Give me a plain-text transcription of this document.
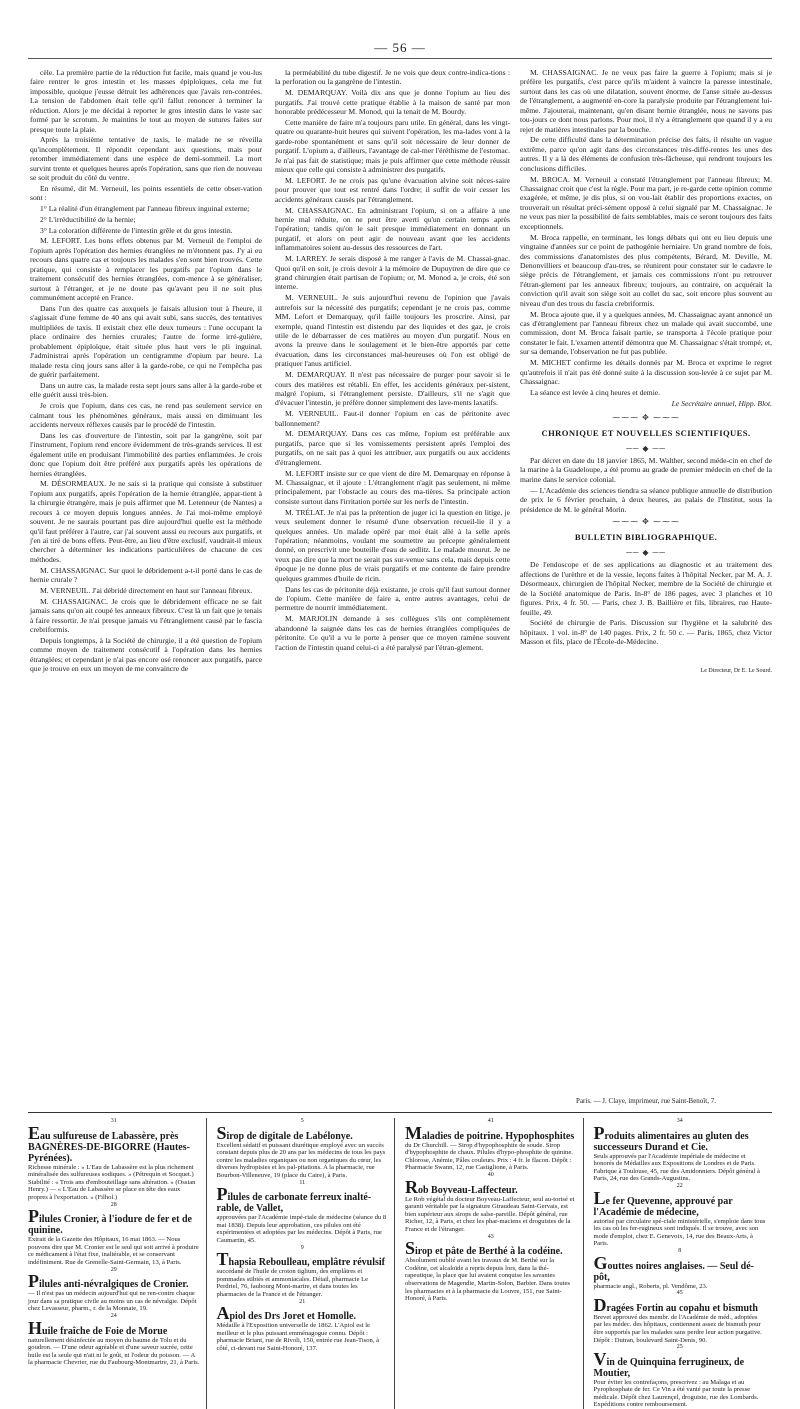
— 56 —

cèle. La première partie de la réduction fut facile, mais quand je vou-lus faire rentrer le gros intestin et les masses épiploïques, cela me fut impossible, quoique j'eusse détruit les adhérences que j'avais ren-contrées. La tension de l'abdomen était telle qu'il fallut renoncer à terminer la réduction. Alors je me décidai à reporter le gros intestin dans le vaste sac formé par le scrotum. Je maintins le tout au moyen de sutures faites sur presque toute la plaie.

Après la troisième tentative de taxis, le malade ne se réveilla qu'incomplètement. Il répondit cependant aux questions, mais pour retomber immédiatement dans une espèce de demi-sommeil. La mort survint trente et quelques heures après l'opération, sans que rien de nouveau se soit produit du côté du ventre.

En résumé, dit M. Verneuil, les points essentiels de cette obser-vation sont :

1° La réalité d'un étranglement par l'anneau fibreux inguinal externe;

2° L'irréductibilité de la hernie;

3° La coloration différente de l'intestin grêle et du gros intestin.

M. LEFORT. Les bons effets obtenus par M. Verneuil de l'emploi de l'opium après l'opération des hernies étranglées ne m'étonnent pas. J'y ai eu recours dans quatre cas et toujours les malades s'en sont bien trouvés. Cette pratique, qui consiste à remplacer les purgatifs par l'opium dans le traitement consécutif des hernies étranglées, com-mence à se généraliser, surtout à l'étranger, et je ne doute pas qu'avant peu il ne soit plus communément accepté en France.

Dans l'un des quatre cas auxquels je faisais allusion tout à l'heure, il s'agissait d'une femme de 40 ans qui avait subi, sans succès, des tentatives multipliées de taxis. Il existait chez elle deux tumeurs : l'une occupant la place ordinaire des hernies crurales; l'autre de forme irré-gulière, probablement épiploïque, était située plus haut vers le pli inguinal. J'administrai après l'opération un centigramme d'opium par heure. La malade resta cinq jours sans aller à la garde-robe, ce qui ne l'empêcha pas de guérir parfaitement.

Dans un autre cas, la malade resta sept jours sans aller à la garde-robe et elle guérit aussi très-bien.

Je crois que l'opium, dans ces cas, ne rend pas seulement service en calmant tous les phénomènes généraux, mais aussi en diminuant les accidents nerveux réflexes causés par le procédé de l'intestin.

Dans les cas d'ouverture de l'intestin, soit par la gangrène, soit par l'instrument, l'opium rend encore évidemment de très-grands services. Il est également utile en produisant l'immobilité des parties enflammées. Je crois donc que l'opium doit être préféré aux purgatifs après les opérations de hernies étranglées.

M. DÉSORMEAUX. Je ne sais si la pratique qui consiste à substituer l'opium aux purgatifs, après l'opération de la hernie étranglée, appar-tient à la chirurgie étrangère, mais je puis affirmer que M. Letenneur (de Nantes) a recours à ce moyen depuis longues années. Je l'ai moi-même employé souvent. Je ne saurais pourtant pas dire aujourd'hui quelle est la méthode qu'il faut préférer à l'autre, car j'ai souvent aussi eu recours aux purgatifs, et j'en ai tiré de bons effets. Peut-être, au lieu d'être exclusif, vaudrait-il mieux chercher à déterminer les indications particulières de chacune de ces méthodes.

M. CHASSAIGNAC. Sur quoi le débridement a-t-il porté dans le cas de hernie crurale ?

M. VERNEUIL. J'ai débridé directement en haut sur l'anneau fibreux.

M. CHASSAIGNAC. Je crois que le débridement efficace ne se fait jamais sans qu'on ait coupé les anneaux fibreux. C'est là un fait que je tenais à faire ressortir. Je n'ai presque jamais vu l'étranglement causé par le fascia crebriformis.

Depuis longtemps, à la Société de chirurgie, il a été question de l'opium comme moyen de traitement consécutif à l'opération dans les hernies étranglées; et cependant je n'ai pas encore osé renoncer aux purgatifs, parce que je trouve en eux un moyen de me convaincre de

la perméabilité du tube digestif. Je ne vois que deux contre-indica-tions : la perforation ou la gangrène de l'intestin.

M. DEMARQUAY. Voilà dix ans que je donne l'opium au lieu des purgatifs. J'ai trouvé cette pratique établie à la maison de santé par mon honorable prédécesseur M. Monod, qui la tenait de M. Bourdy.

Cette manière de faire m'a toujours paru utile. En général, dans les vingt-quatre ou quarante-huit heures qui suivent l'opération, les ma-lades vont à la garde-robe spontanément et sans qu'il soit nécessaire de leur donner de purgatif. L'opium a, d'ailleurs, l'avantage de cal-mer l'éréthisme de l'estomac. Je n'ai pas fait de statistique; mais je puis affirmer que cette méthode réussit mieux que celle qui consiste à administrer des purgatifs.

M. LEFORT. Je ne crois pas qu'une évacuation alvine soit néces-saire pour prouver que tout est rentré dans l'ordre; il suffit de voir cesser les accidents généraux causés par l'étranglement.

M. CHASSAIGNAC. En administrant l'opium, si on a affaire à une hernie mal réduite, on ne peut être averti qu'un certain temps après l'opération; tandis qu'on le sait presque immédiatement en donnant un purgatif, et alors on peut agir de nouveau avant que les accidents inflammatoires soient au-dessus des ressources de l'art.

M. LARREY. Je serais disposé à me ranger à l'avis de M. Chassai-gnac. Quoi qu'il en soit, je crois devoir à la mémoire de Dupuytren de dire que ce grand chirurgien était partisan de l'opium; or, M. Monod a, je crois, été son interne.

M. VERNEUIL. Je suis aujourd'hui revenu de l'opinion que j'avais autrefois sur la nécessité des purgatifs; cependant je ne crois pas, comme MM. Lefort et Demarquay, qu'il faille toujours les proscrire. Ainsi, par exemple, quand l'intestin est distendu par des liquides et des gaz, je crois utile de le débarrasser de ces matières au moyen d'un purgatif. Nous en avons la preuve dans le soulagement et le bien-être apportés par cette évacuation, dans les circonstances mal-heureuses où l'on est obligé de pratiquer l'anus artificiel.

M. DEMARQUAY. Il n'est pas nécessaire de purger pour savoir si le cours des matières est rétabli. En effet, les accidents généraux per-sistent, malgré l'opium, si l'étranglement persiste. D'ailleurs, s'il ne s'agit que d'évacuer l'intestin, je préfère donner simplement des lave-ments laxatifs.

M. VERNEUIL. Faut-il donner l'opium en cas de péritonite avec ballonnement?

M. DEMARQUAY. Dans ces cas même, l'opium est préférable aux purgatifs, parce que si les vomissements persistent après l'emploi des purgatifs, on ne sait pas à quoi les attribuer, aux purgatifs ou aux accidents d'étranglement.

M. LEFORT insiste sur ce que vient de dire M. Demarquay en réponse à M. Chassaignac, et il ajoute : L'étranglement n'agit pas seulement, ni même principalement, par l'obstacle au cours des ma-tières. Sa principale action consiste surtout dans l'irritation portée sur les nerfs de l'intestin.

M. TRÉLAT. Je n'ai pas la prétention de juger ici la question en litige, je veux seulement donner le résumé d'une observation recueil-lie il y a quelques années. Un malade opéré par moi était allé à la selle après l'opération; néanmoins, voulant me soumettre au précepte généralement donné, on prescrivit une bouteille d'eau de sedlitz. Le malade mourut. Je ne veux pas dire que la mort ne serait pas sur-venue sans cela, mais depuis cette époque je ne donne plus de vrais purgatifs et me contente de faire prendre quelques grammes d'huile de ricin.

Dans les cas de péritonite déjà existante, je crois qu'il faut surtout donner de l'opium. Cette manière de faire a, entre autres avantages, celui de permettre de nourrir immédiatement.

M. MARJOLIN demande à ses collègues s'ils ont complètement abandonné la saignée dans les cas de hernies étranglées compliquées de péritonite. Ce qu'il a vu le porte à penser que ce moyen ramène souvent l'action de l'intestin quand celui-ci a été paralysé par l'étran-glement.

M. CHASSAIGNAC. Je ne veux pas faire la guerre à l'opium; mais si je préfère les purgatifs, c'est parce qu'ils m'aident à vaincre la paresse intestinale, surtout dans les cas où une dilatation, souvent énorme, de l'anse située au-dessus de l'étranglement, a augmenté en-core la paralysie produite par l'étranglement lui-même. J'ajouterai, maintenant, qu'en disant hernie étranglée, nous ne savons pas tou-jours ce dont nous parlons. Pour moi, il n'y a étranglement que quand il y a eu rejet de matières intestinales par la bouche.

De cette difficulté dans la détermination précise des faits, il résulte un vague extrême, parce qu'on agit dans des circonstances très-diffé-rentes les unes des autres. Il y a là des éléments de confusion très-fâcheuse, qui rendront toujours les conclusions difficiles.

M. BROCA. M. Verneuil a constaté l'étranglement par l'anneau fibreux; M. Chassaignac croit que c'est la règle. Pour ma part, je re-garde cette opinion comme exagérée, et même, je dis plus, si on vou-lait établir des proportions exactes, on trouverait un résultat préci-sément opposé à celui signalé par M. Chassaignac. Je ne veux pas nier la possibilité de faits semblables, mais ce seront toujours des faits exceptionnels.

M. Broca rappelle, en terminant, les longs débats qui ont eu lieu depuis une vingtaine d'années sur ce point de pathogénie herniaire. Un grand nombre de fois, des commissions d'anatomistes des plus compétents, Bérard, M. Deville, M. Denonvilliers et beaucoup d'au-tres, se réunirent pour constater sur le cadavre le siège précis de l'étranglement, et jamais ces commissions n'ont pu retrouver l'étran-glement par les anneaux fibreux; toujours, au contraire, on acquérait la conviction qu'il avait son siège soit au collet du sac, soit encore plus souvent au niveau d'un des trous du fascia crebriformis.

M. Broca ajoute que, il y a quelques années, M. Chassaignac ayant annoncé un cas d'étranglement par l'anneau fibreux chez un malade qui avait succombé, une commission, dont M. Broca faisait partie, se transporta à l'école pratique pour constater le fait. L'examen attentif démontra que M. Chassaignac s'était trompé, et, sur sa demande, l'observation ne fut pas publiée.

M. MICHET confirme les détails donnés par M. Broca et exprime le regret qu'autrefois il n'ait pas été donné suite à la discussion sou-levée à ce sujet par M. Chassaignac.

La séance est levée à cinq heures et demie.

Le Secrétaire annuel, Hipp. Blot.
⁓⁓⁓ ✥ ⁓⁓⁓
CHRONIQUE ET NOUVELLES SCIENTIFIQUES.
── ◆ ──

Par décret en date du 18 janvier 1865, M. Walther, second méde-cin en chef de la marine à la Guadeloupe, a été promu au grade de premier médecin en chef de la marine dans le service colonial.

— L'Académie des sciences tiendra sa séance publique annuelle de distribution de prix le 6 février prochain, à deux heures, au palais de l'Institut, sous la présidence de M. le général Morin.

⁓⁓⁓ ✥ ⁓⁓⁓
BULLETIN BIBLIOGRAPHIQUE.
── ◆ ──

De l'endoscope et de ses applications au diagnostic et au traitement des affections de l'urèthre et de la vessie, leçons faites à l'hôpital Necker, par M. A. J. Désormeaux, chirurgien de l'hôpital Necker, membre de la Société de chirurgie et de la Société anatomique de Paris. In-8° de 186 pages, avec 3 planches et 10 figures. Prix, 4 fr. 50. — Paris, chez J. B. Baillière et fils, libraires, rue Haute-feuille, 49.

Société de chirurgie de Paris. Discussion sur l'hygiène et la salubrité des hôpitaux. 1 vol. in-8° de 140 pages. Prix, 2 fr. 50 c. — Paris, 1865, chez Victor Masson et fils, place de l'École-de-Médecine.

Le Directeur, Dr E. Le Sourd.
Paris. — J. Claye, imprimeur, rue Saint-Benoît, 7.
31
Eau sulfureuse de Labassère, près BAGNÈRES-DE-BIGORRE (Hautes-Pyrénées).
Richesse minérale : « L'Eau de Labassère est la plus richement minéralisée des sulfureuses sodiques. » (Pétrequin et Socquet.) Stabilité : « Trois ans d'embouteillage sans altération. » (Ossian Henry.) — « L'Eau de Labassère se place en tête des eaux propres à l'exportation. » (Filhol.)
28
Pilules Cronier, à l'iodure de fer et de quinine.
Extrait de la Gazette des Hôpitaux, 16 mai 1863. — Nous pouvons dire que M. Cronier est le seul qui soit arrivé à produire ce médicament à l'état fixe, inaltérable, et se conservant indéfiniment. Rue de Grenelle-Saint-Germain, 13, à Paris.
29
Pilules anti-névralgiques de Cronier.
— Il n'est pas un médecin aujourd'hui qui ne ren-contre chaque jour dans sa pratique civile au moins un cas de névralgie. Dépôt chez Levasseur, pharm., r. de la Monnaie, 19.
24
Huile fraîche de Foie de Morue
naturellement désinfectée au moyen du baume de Tolu et du goudron. — D'une odeur agréable et d'une saveur sucrée, cette huile est la seule qui n'ait ni le goût, ni l'odeur du poisson. — A la pharmacie Chevrier, rue du Faubourg-Montmartre, 21, à Paris.
5
Sirop de digitale de Labélonye.
Excellent sédatif et puissant diurétique employé avec un succès constant depuis plus de 20 ans par les médecins de tous les pays contre les maladies organiques ou non organiques du cœur, les diverses hydropisies et les pal-pitations. A la pharmacie, rue Bourbon-Villeneuve, 19 (place du Caire), à Paris.
11
Pilules de carbonate ferreux inalté-rable, de Vallet,
approuvées par l'Académie impé-riale de médecine (séance du 8 mai 1838). Depuis leur approbation, ces pilules ont été expérimentées et adoptées par les médecins. Dépôt à Paris, rue Caumartin, 45.
9
Thapsia Reboulleau, emplâtre révulsif
succédané de l'huile de croton tiglium, des emplâtres et pommades stibiés et ammoniacales. Détail, pharmacie Le Perdriel, 76, faubourg Mont-martre, et dans toutes les pharmacies de la France et de l'étranger.
21
Apiol des Drs Joret et Homolle.
Médaille à l'Exposition universelle de 1862. L'Apiol est le meilleur et le plus puissant emménagogue connu. Dépôt : pharmacie Briant, rue de Rivoli, 150, entrée rue Jean-Tison, à côté, ci-devant rue Saint-Honoré, 137.
41
Maladies de poitrine. Hypophosphites
du Dr Churchill. — Sirop d'hypophosphite de soude. Sirop d'hypophosphite de chaux. Pilules d'hypo-phosphite de quinine. Chlorose, Anémie, Pâles couleurs. Prix : 4 fr. le flacon. Dépôt : Pharmacie Swann, 12, rue Castiglione, à Paris.
40
Rob Boyveau-Laffecteur.
Le Rob végétal du docteur Boyveau-Laffecteur, seul au-torisé et garanti véritable par la signature Giraudeau Saint-Gervais, est bien supérieur aux sirops de salse-pareille. Dépôt général, rue Richer, 12, à Paris, et chez les phar-maciens et droguistes de la France et de l'étranger.
43
Sirop et pâte de Berthé à la codéine.
Absolument oublié avant les travaux de M. Berthé sur la Codéine, cet alcaloïde a repris depuis lors, dans la thé-rapeutique, la place que lui avaient conquise les savantes observations de Magendie, Martin-Solon, Barbier. Dans toutes les pharmacies et à la pharmacie du Louvre, 151, rue Saint-Honoré, à Paris.
34
Produits alimentaires au gluten des successeurs Durand et Cie.
Seuls approuvés par l'Académie impériale de médecine et honorés de Médailles aux Expositions de Londres et de Paris. Fabrique à Toulouse, 45, rue des Amidonniers. Dépôt général à Paris, 24, rue des Grands-Augustins.
22
Le fer Quevenne, approuvé par l'Académie de médecine,
autorisé par circulaire spé-ciale ministérielle, s'emploie dans tous les cas où les fer-rugineux sont indiqués. Il se trouve, avec son mode d'emploi, chez E. Genevoix, 14, rue des Beaux-Arts, à Paris.
8
Gouttes noires anglaises. — Seul dé-pôt,
pharmacie angl., Roberts, pl. Vendôme, 23.
45
Dragées Fortin au copahu et bismuth
Brevet approuvé des membr. de l'Académie de méd., adoptées par les médec. des hôpitaux, contiennent assez de bismuth pour être supportés par les malades sans perdre leur action purgative. Dépôt : Dutran, boulevard Saint-Denis, 90.
25
Vin de Quinquina ferrugineux, de Moutier,
Pour éviter les contrefaçons, prescrivez : au Malaga et au Pyrophosphate de fer. Ce Vin a été vanté par toute la presse médicale. Dépôt chez Laurençel, droguiste, rue des Lombards. Expéditions contre remboursement.
